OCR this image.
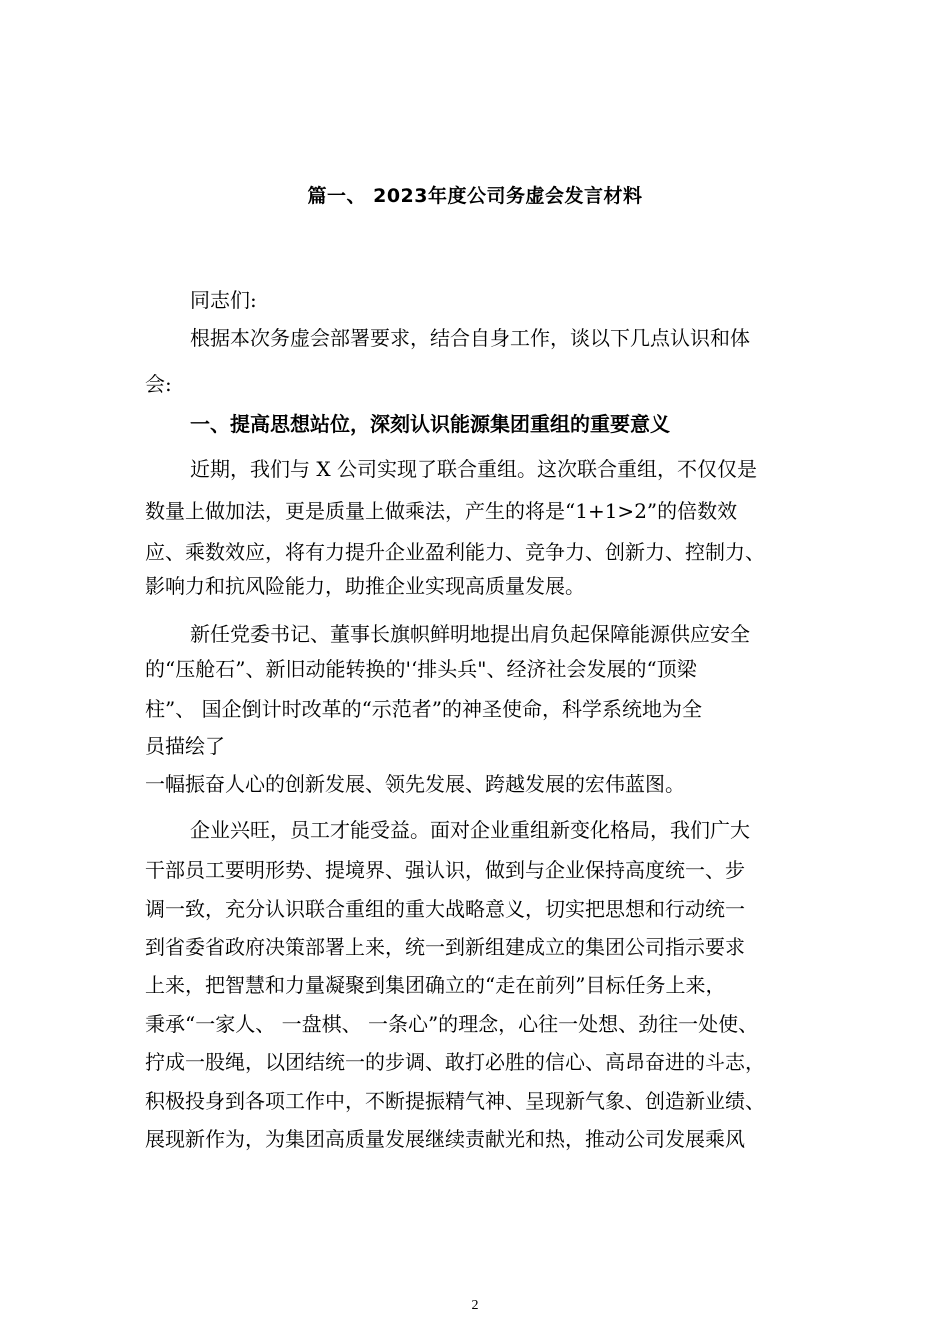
篇一、 2023年度公司务虚会发言材料
同志们:
根据本次务虚会部署要求，结合自身工作，谈以下几点认识和体
会:
一、提高思想站位，深刻认识能源集团重组的重要意义
近期，我们与 X 公司实现了联合重组。这次联合重组，不仅仅是
数量上做加法，更是质量上做乘法，产生的将是“1+1>2”的倍数效
应、乘数效应，将有力提升企业盈利能力、竞争力、创新力、控制力、
影响力和抗风险能力，助推企业实现高质量发展。
新任党委书记、董事长旗帜鲜明地提出肩负起保障能源供应安全
的“压舱石”、新旧动能转换的'‘排头兵"、经济社会发展的“顶梁
柱”、 国企倒计时改革的“示范者”的神圣使命，科学系统地为全
员描绘了
一幅振奋人心的创新发展、领先发展、跨越发展的宏伟蓝图。
企业兴旺，员工才能受益。面对企业重组新变化格局，我们广大
干部员工要明形势、提境界、强认识，做到与企业保持高度统一、步
调一致，充分认识联合重组的重大战略意义，切实把思想和行动统一
到省委省政府决策部署上来，统一到新组建成立的集团公司指示要求
上来，把智慧和力量凝聚到集团确立的“走在前列”目标任务上来，
秉承“一家人、 一盘棋、 一条心”的理念，心往一处想、劲往一处使、
拧成一股绳，以团结统一的步调、敢打必胜的信心、高昂奋进的斗志，
积极投身到各项工作中，不断提振精气神、呈现新气象、创造新业绩、
展现新作为，为集团高质量发展继续责献光和热，推动公司发展乘风
2
